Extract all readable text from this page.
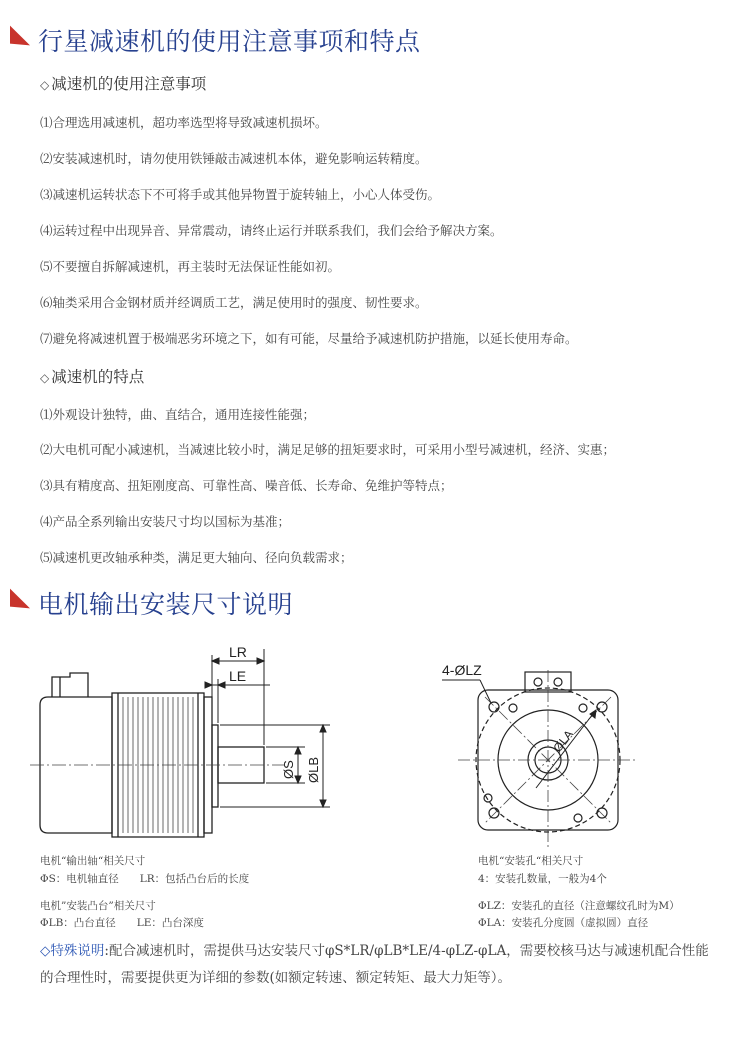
行星减速机的使用注意事项和特点
◇ 减速机的使用注意事项
⑴合理选用减速机，超功率选型将导致减速机损坏。
⑵安装减速机时，请勿使用铁锤敲击减速机本体，避免影响运转精度。
⑶减速机运转状态下不可将手或其他异物置于旋转轴上，小心人体受伤。
⑷运转过程中出现异音、异常震动，请终止运行并联系我们，我们会给予解决方案。
⑸不要擅自拆解减速机，再主装时无法保证性能如初。
⑹轴类采用合金钢材质并经调质工艺，满足使用时的强度、韧性要求。
⑺避免将减速机置于极端恶劣环境之下，如有可能，尽量给予减速机防护措施，以延长使用寿命。
◇ 减速机的特点
⑴外观设计独特，曲、直结合，通用连接性能强；
⑵大电机可配小减速机，当减速比较小时，满足足够的扭矩要求时，可采用小型号减速机，经济、实惠；
⑶具有精度高、扭矩刚度高、可靠性高、噪音低、长寿命、免维护等特点；
⑷产品全系列输出安装尺寸均以国标为基准；
⑸减速机更改轴承种类，满足更大轴向、径向负载需求；
电机输出安装尺寸说明
LR
LE
ØS ØLB
4-ØLZ
ØLA
电机“输出轴“相关尺寸
ΦS：电机轴直径　　LR：包括凸台后的长度
电机”安装凸台”相关尺寸
ΦLB：凸台直径　　LE：凸台深度
电机“安装孔“相关尺寸
4：安装孔数量，一般为4个
ΦLZ：安装孔的直径（注意螺纹孔时为M）
ΦLA：安装孔分度圆（虚拟圆）直径
◇特殊说明:配合减速机时，需提供马达安装尺寸φS*LR/φLB*LE/4-φLZ-φLA，需要校核马达与减速机配合性能的合理性时，需要提供更为详细的参数(如额定转速、额定转矩、最大力矩等）。
